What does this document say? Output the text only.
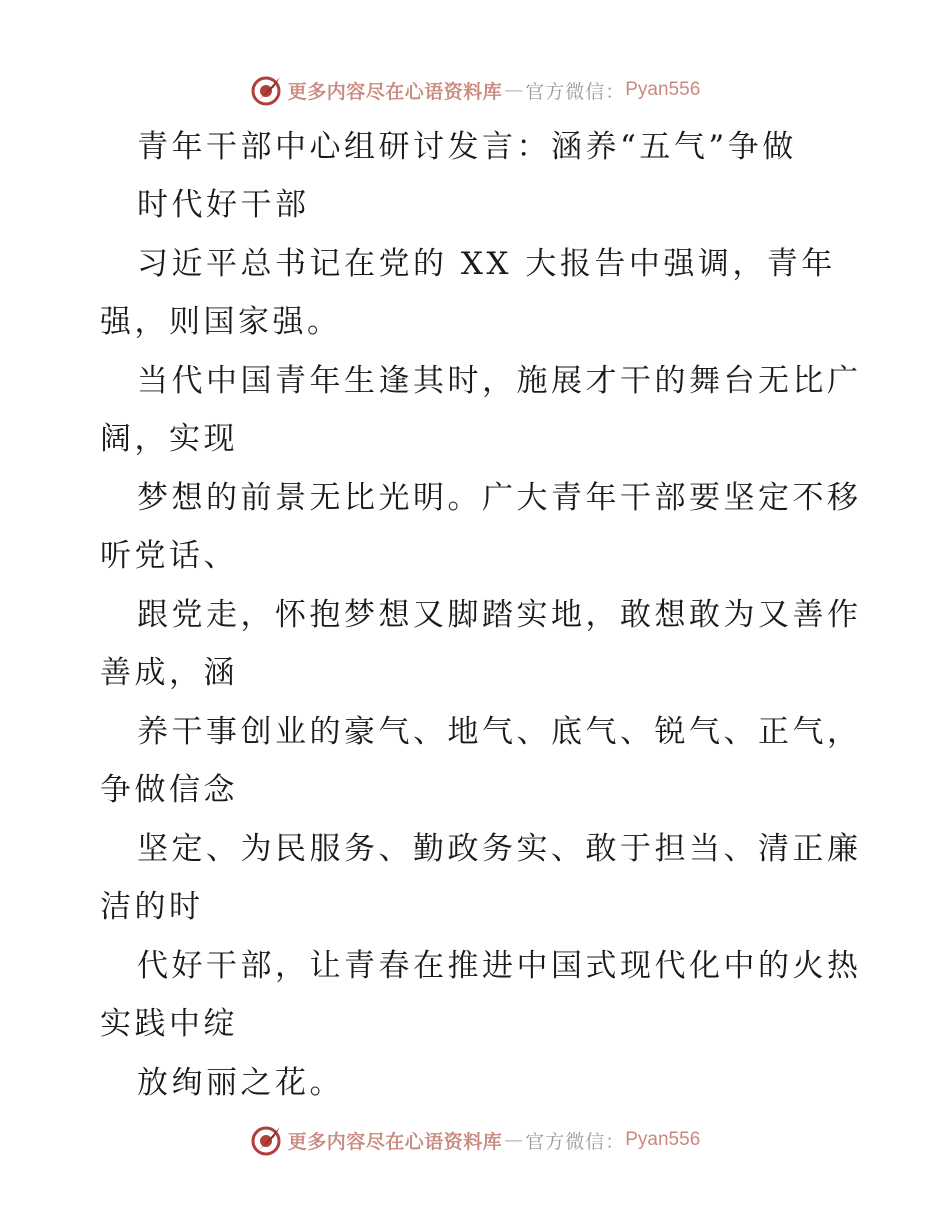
更多内容尽在心语资料库 — 官方微信： Pyan556
青年干部中心组研讨发言：涵养“五气”争做
时代好干部
习近平总书记在党的 XX 大报告中强调，青年
强，则国家强。
当代中国青年生逢其时，施展才干的舞台无比广
阔，实现
梦想的前景无比光明。广大青年干部要坚定不移
听党话、
跟党走，怀抱梦想又脚踏实地，敢想敢为又善作
善成，涵
养干事创业的豪气、地气、底气、锐气、正气，
争做信念
坚定、为民服务、勤政务实、敢于担当、清正廉
洁的时
代好干部，让青春在推进中国式现代化中的火热
实践中绽
放绚丽之花。
更多内容尽在心语资料库 — 官方微信： Pyan556
